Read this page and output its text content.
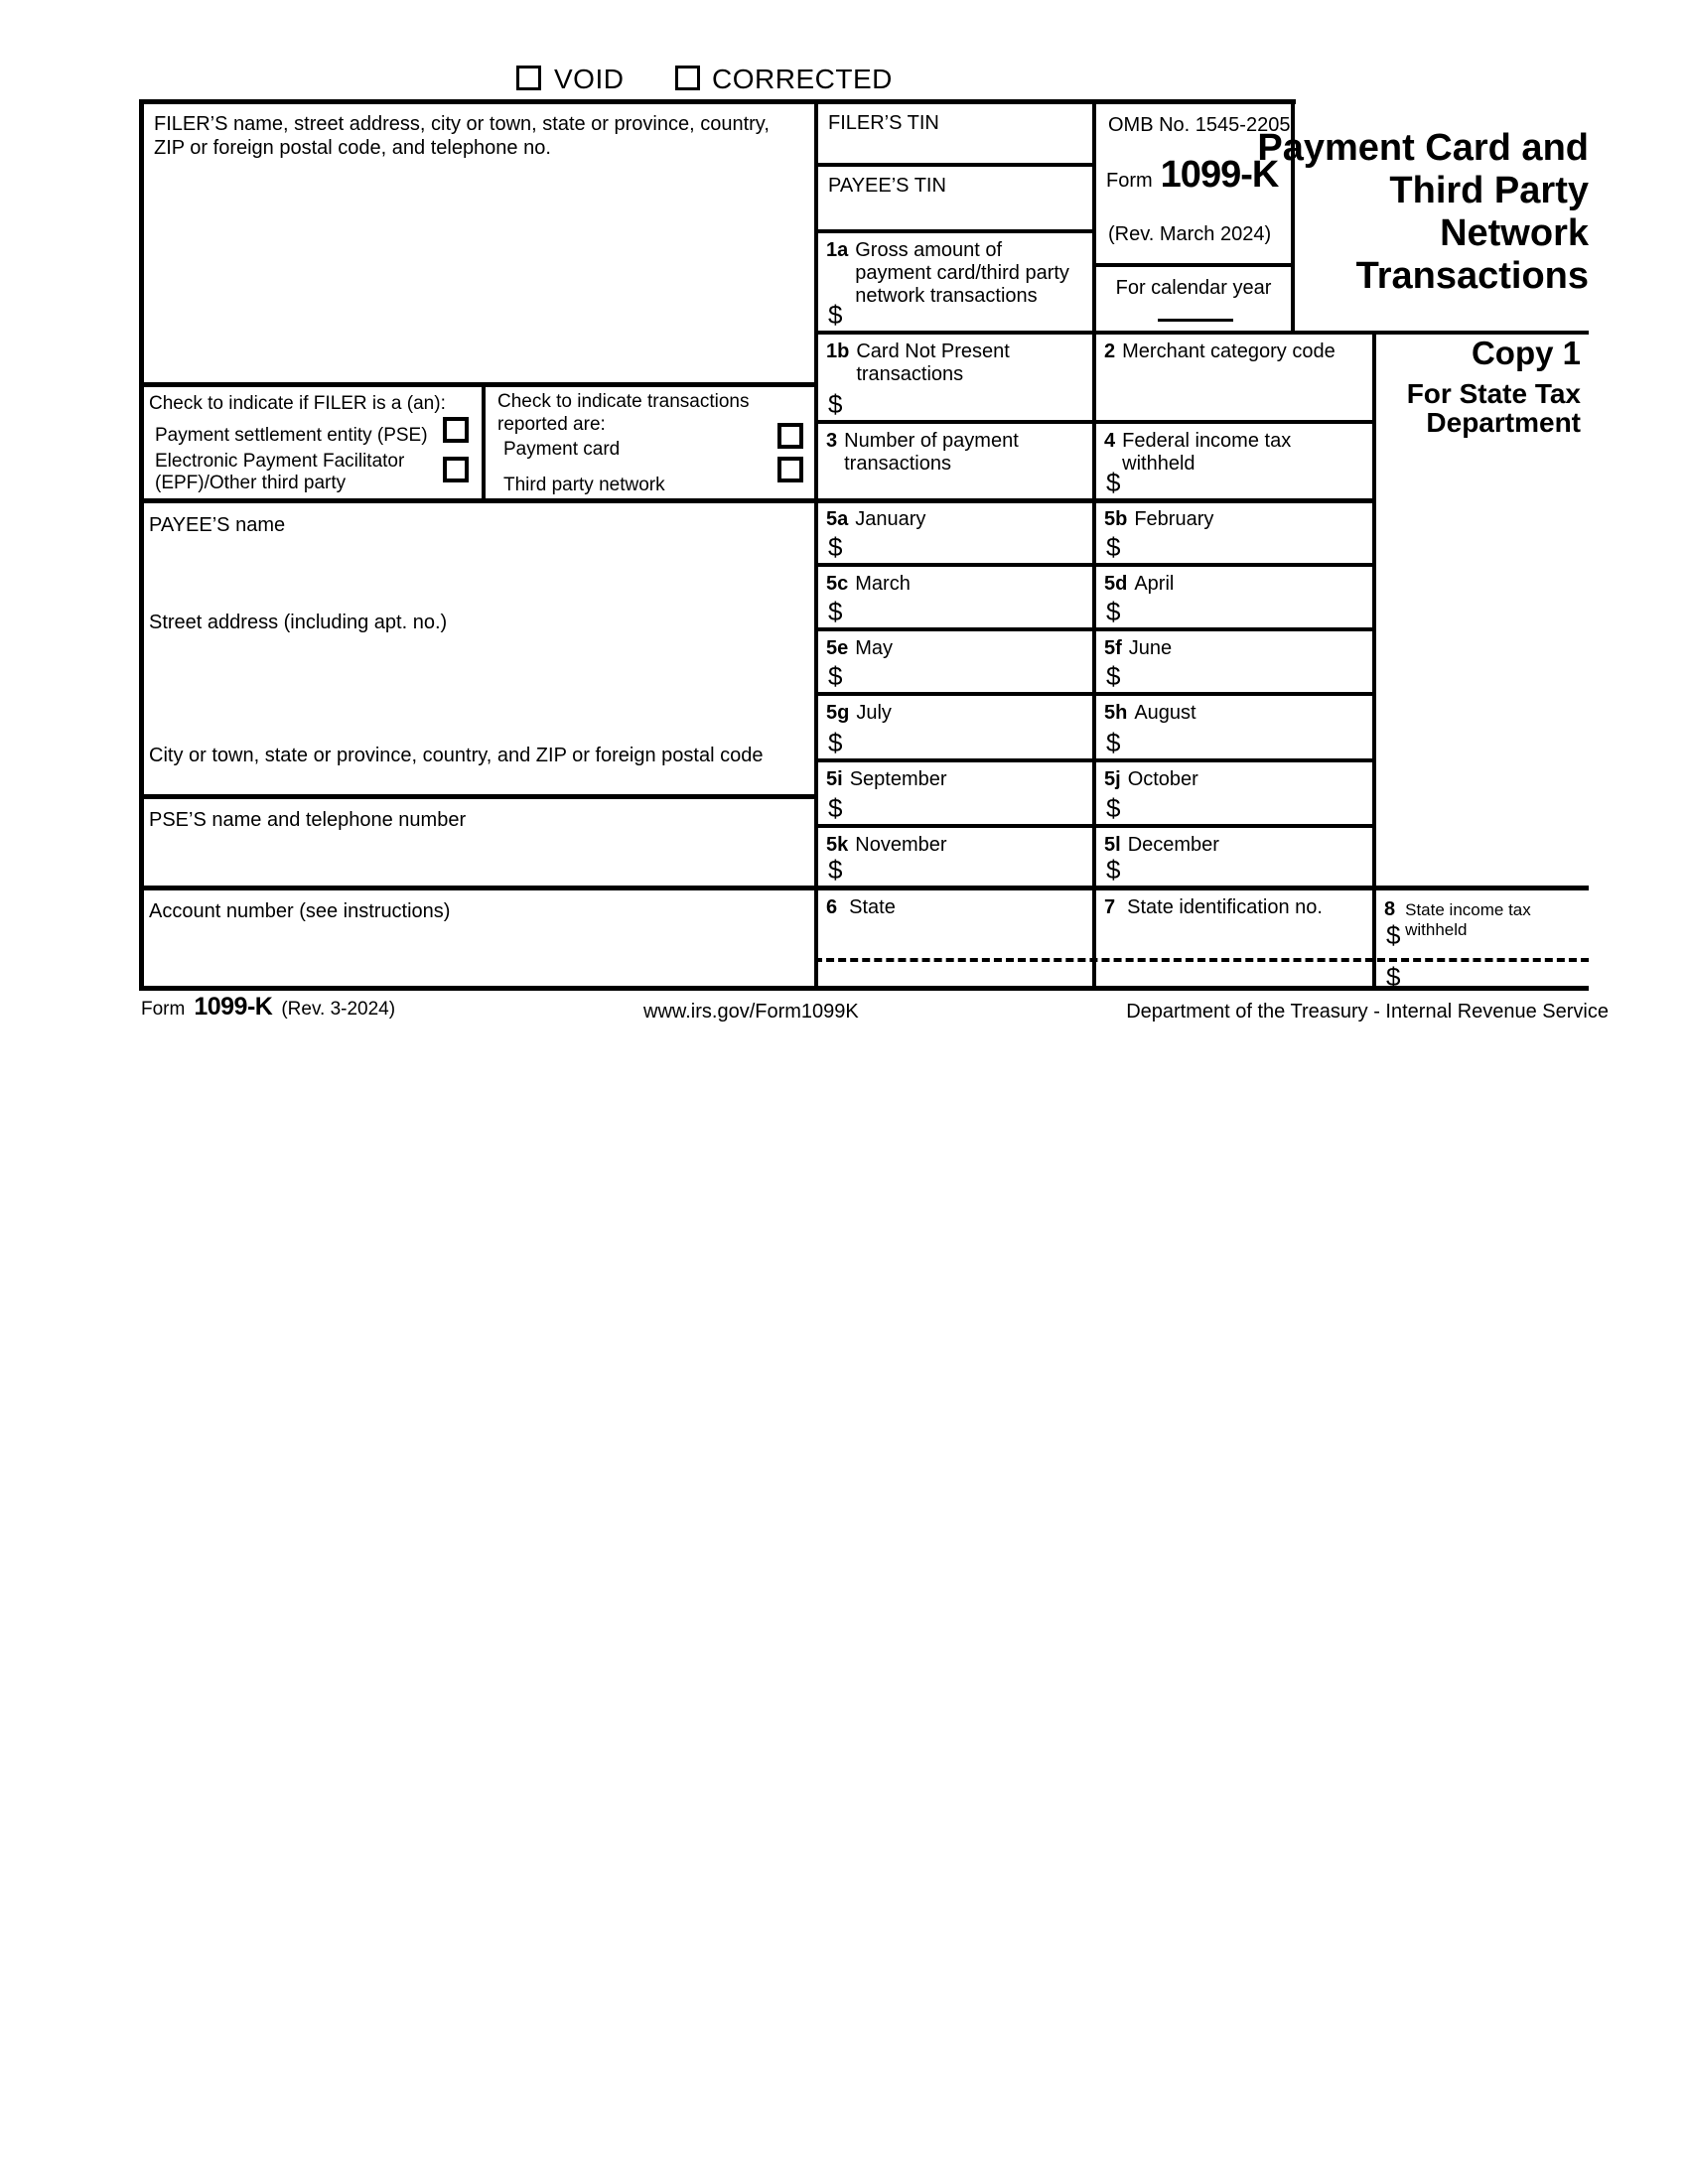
VOID	CORRECTED
FILER’S name, street address, city or town, state or province, country, ZIP or foreign postal code, and telephone no.
Check to indicate if FILER is a (an):
Payment settlement entity (PSE)
Electronic Payment Facilitator (EPF)/Other third party
Check to indicate transactions reported are:
Payment card
Third party network
PAYEE’S name
Street address (including apt. no.)
City or town, state or province, country, and ZIP or foreign postal code
PSE’S name and telephone number
Account number (see instructions)
FILER’S TIN
PAYEE’S TIN
1a Gross amount of payment card/third party network transactions
$
1b Card Not Present transactions
$
3 Number of payment transactions
OMB No. 1545-2205
Form 1099-K
(Rev. March 2024)
For calendar year
2 Merchant category code
4 Federal income tax withheld
$
5a January
$
5b February
$
5c March
$
5d April
$
5e May
$
5f June
$
5g July
$
5h August
$
5i September
$
5j October
$
5k November
$
5l December
$
6 State	7 State identification no.	8 State income tax withheld
$
$
Payment Card and
Third Party
Network
Transactions
Copy 1
For State Tax
Department
Form 1099-K (Rev. 3-2024)	www.irs.gov/Form1099K	Department of the Treasury - Internal Revenue Service
